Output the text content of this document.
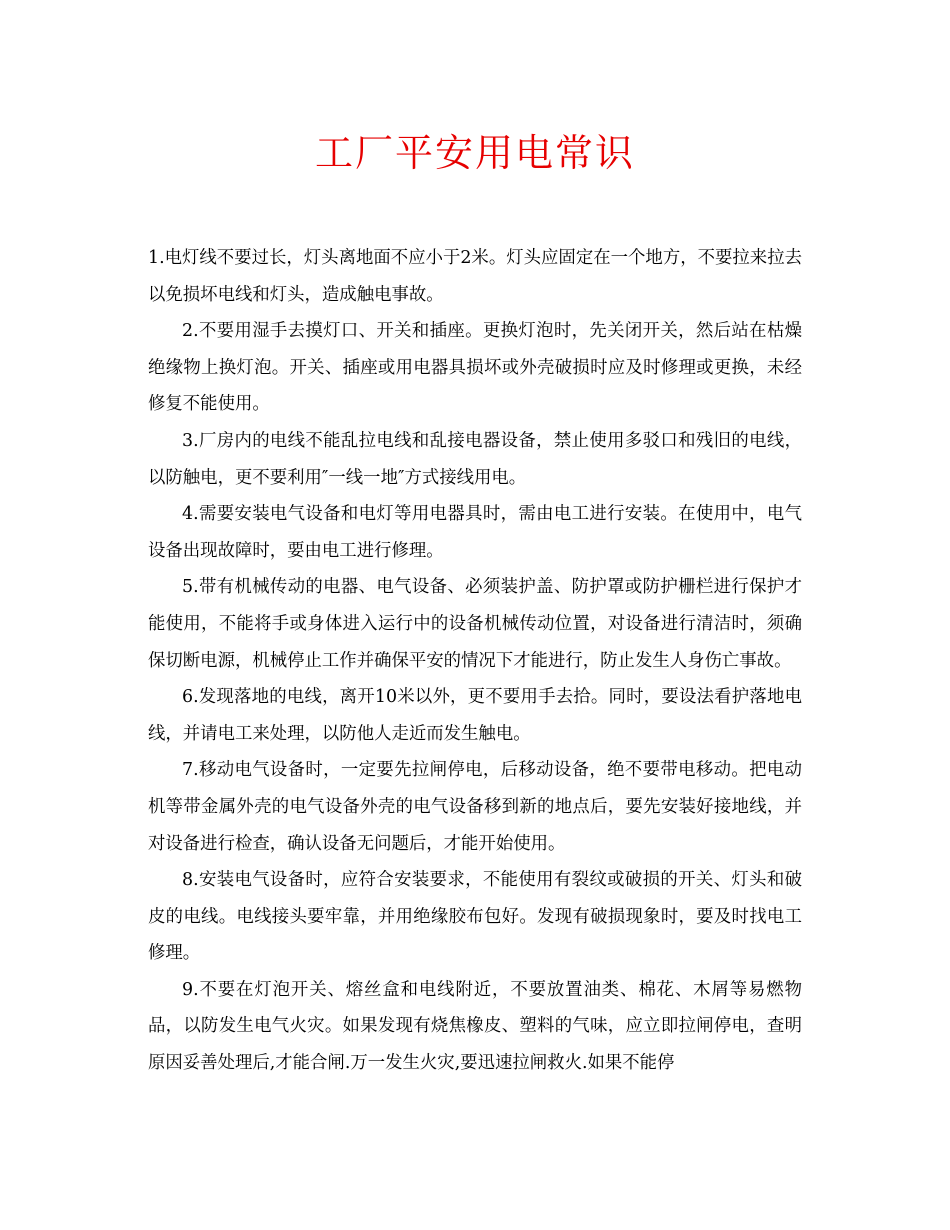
工厂平安用电常识

1.电灯线不要过长，灯头离地面不应小于2米。灯头应固定在一个地方，不要拉来拉去以免损坏电线和灯头，造成触电事故。

2.不要用湿手去摸灯口、开关和插座。更换灯泡时，先关闭开关，然后站在枯燥绝缘物上换灯泡。开关、插座或用电器具损坏或外壳破损时应及时修理或更换，未经修复不能使用。

3.厂房内的电线不能乱拉电线和乱接电器设备，禁止使用多驳口和残旧的电线，以防触电，更不要利用″一线一地″方式接线用电。

4.需要安装电气设备和电灯等用电器具时，需由电工进行安装。在使用中，电气设备出现故障时，要由电工进行修理。

5.带有机械传动的电器、电气设备、必须装护盖、防护罩或防护栅栏进行保护才能使用，不能将手或身体进入运行中的设备机械传动位置，对设备进行清洁时，须确保切断电源，机械停止工作并确保平安的情况下才能进行，防止发生人身伤亡事故。

6.发现落地的电线，离开10米以外，更不要用手去拾。同时，要设法看护落地电线，并请电工来处理，以防他人走近而发生触电。

7.移动电气设备时，一定要先拉闸停电，后移动设备，绝不要带电移动。把电动机等带金属外壳的电气设备外壳的电气设备移到新的地点后，要先安装好接地线，并对设备进行检查，确认设备无问题后，才能开始使用。

8.安装电气设备时，应符合安装要求，不能使用有裂纹或破损的开关、灯头和破皮的电线。电线接头要牢靠，并用绝缘胶布包好。发现有破损现象时，要及时找电工修理。

9.不要在灯泡开关、熔丝盒和电线附近，不要放置油类、棉花、木屑等易燃物品，以防发生电气火灾。如果发现有烧焦橡皮、塑料的气味，应立即拉闸停电，查明原因妥善处理后,才能合闸.万一发生火灾,要迅速拉闸救火.如果不能停
